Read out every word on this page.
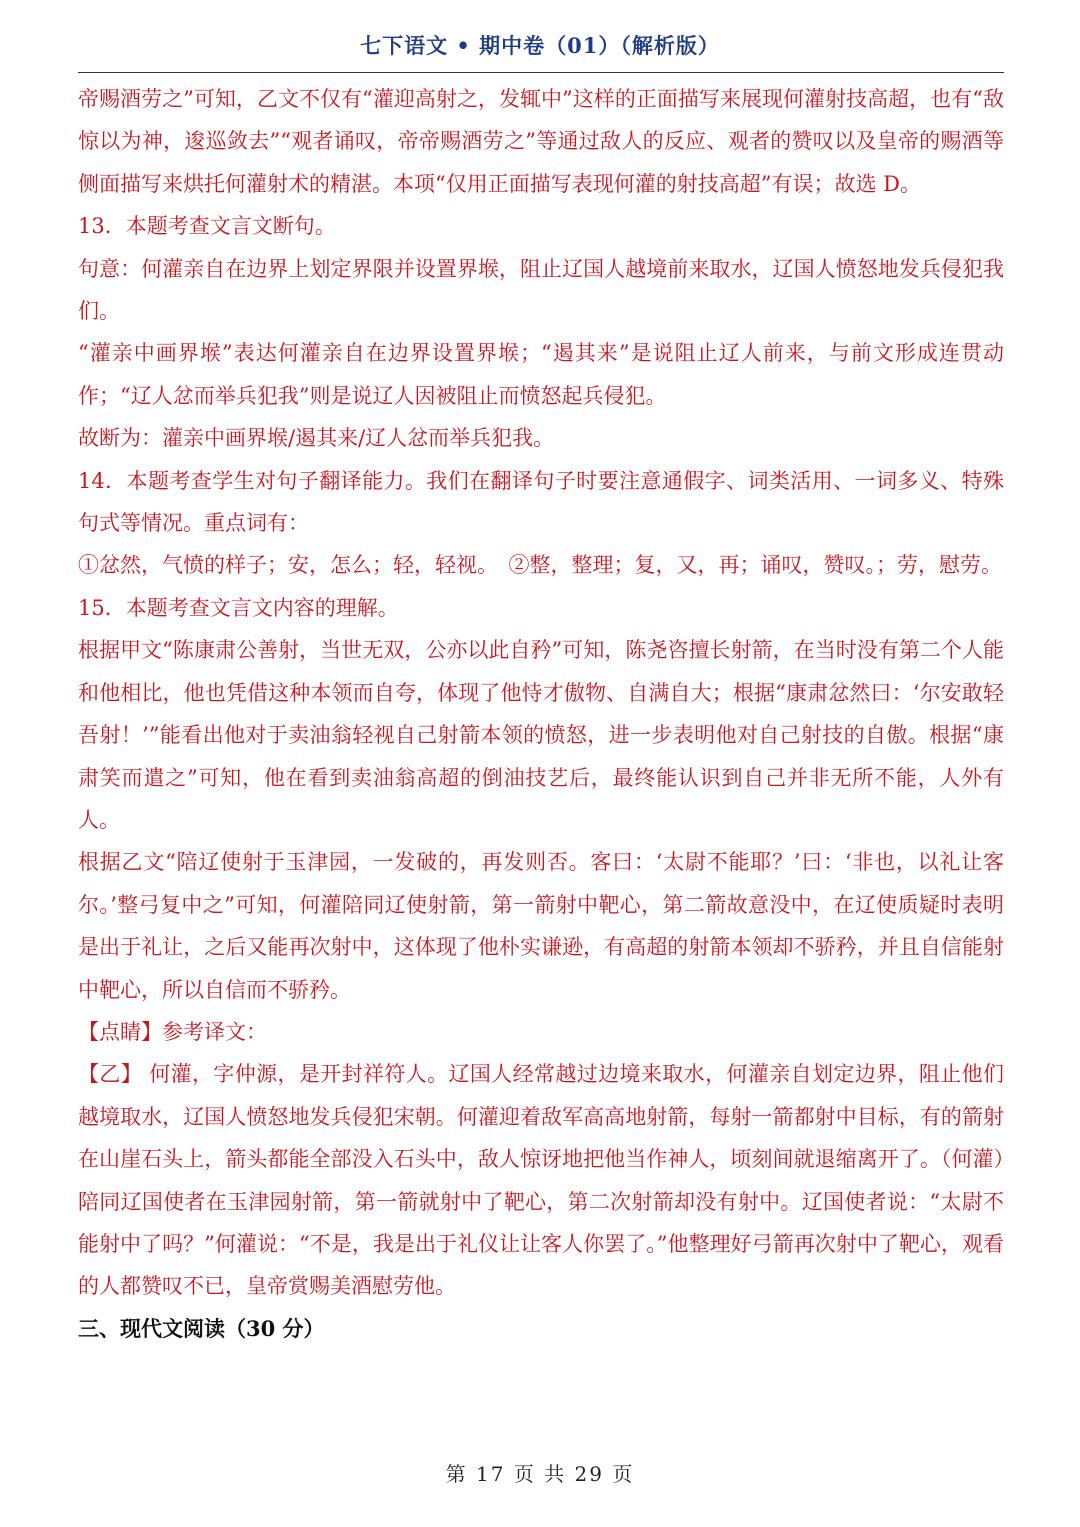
七下语文 • 期中卷（01）（解析版）

帝赐酒劳之”可知，乙文不仅有“灌迎高射之，发辄中”这样的正面描写来展现何灌射技高超，也有“敌惊以为神，逡巡敛去”“观者诵叹，帝帝赐酒劳之”等通过敌人的反应、观者的赞叹以及皇帝的赐酒等侧面描写来烘托何灌射术的精湛。本项“仅用正面描写表现何灌的射技高超”有误；故选 D。

13．本题考查文言文断句。

句意：何灌亲自在边界上划定界限并设置界堠，阻止辽国人越境前来取水，辽国人愤怒地发兵侵犯我们。

“灌亲中画界堠”表达何灌亲自在边界设置界堠；“遏其来”是说阻止辽人前来，与前文形成连贯动作；“辽人忿而举兵犯我”则是说辽人因被阻止而愤怒起兵侵犯。

故断为：灌亲中画界堠/遏其来/辽人忿而举兵犯我。

14．本题考查学生对句子翻译能力。我们在翻译句子时要注意通假字、词类活用、一词多义、特殊句式等情况。重点词有：

①忿然，气愤的样子；安，怎么；轻，轻视。　②整，整理；复，又，再；诵叹，赞叹。；劳，慰劳。

15．本题考查文言文内容的理解。

根据甲文“陈康肃公善射，当世无双，公亦以此自矜”可知，陈尧咨擅长射箭，在当时没有第二个人能和他相比，他也凭借这种本领而自夸，体现了他恃才傲物、自满自大；根据“康肃忿然曰：‘尔安敢轻吾射！’”能看出他对于卖油翁轻视自己射箭本领的愤怒，进一步表明他对自己射技的自傲。根据“康肃笑而遣之”可知，他在看到卖油翁高超的倒油技艺后，最终能认识到自己并非无所不能，人外有人。

根据乙文“陪辽使射于玉津园，一发破的，再发则否。客曰：‘太尉不能耶？’曰：‘非也，以礼让客尔。’整弓复中之”可知，何灌陪同辽使射箭，第一箭射中靶心，第二箭故意没中，在辽使质疑时表明是出于礼让，之后又能再次射中，这体现了他朴实谦逊，有高超的射箭本领却不骄矜，并且自信能射中靶心，所以自信而不骄矜。

【点睛】参考译文：

【乙】 何灌，字仲源，是开封祥符人。辽国人经常越过边境来取水，何灌亲自划定边界，阻止他们越境取水，辽国人愤怒地发兵侵犯宋朝。何灌迎着敌军高高地射箭，每射一箭都射中目标，有的箭射在山崖石头上，箭头都能全部没入石头中，敌人惊讶地把他当作神人，顷刻间就退缩离开了。（何灌）陪同辽国使者在玉津园射箭，第一箭就射中了靶心，第二次射箭却没有射中。辽国使者说：“太尉不能射中了吗？”何灌说：“不是，我是出于礼仪让让客人你罢了。”他整理好弓箭再次射中了靶心，观看的人都赞叹不已，皇帝赏赐美酒慰劳他。

三、现代文阅读（30 分）

第 17 页 共 29 页
